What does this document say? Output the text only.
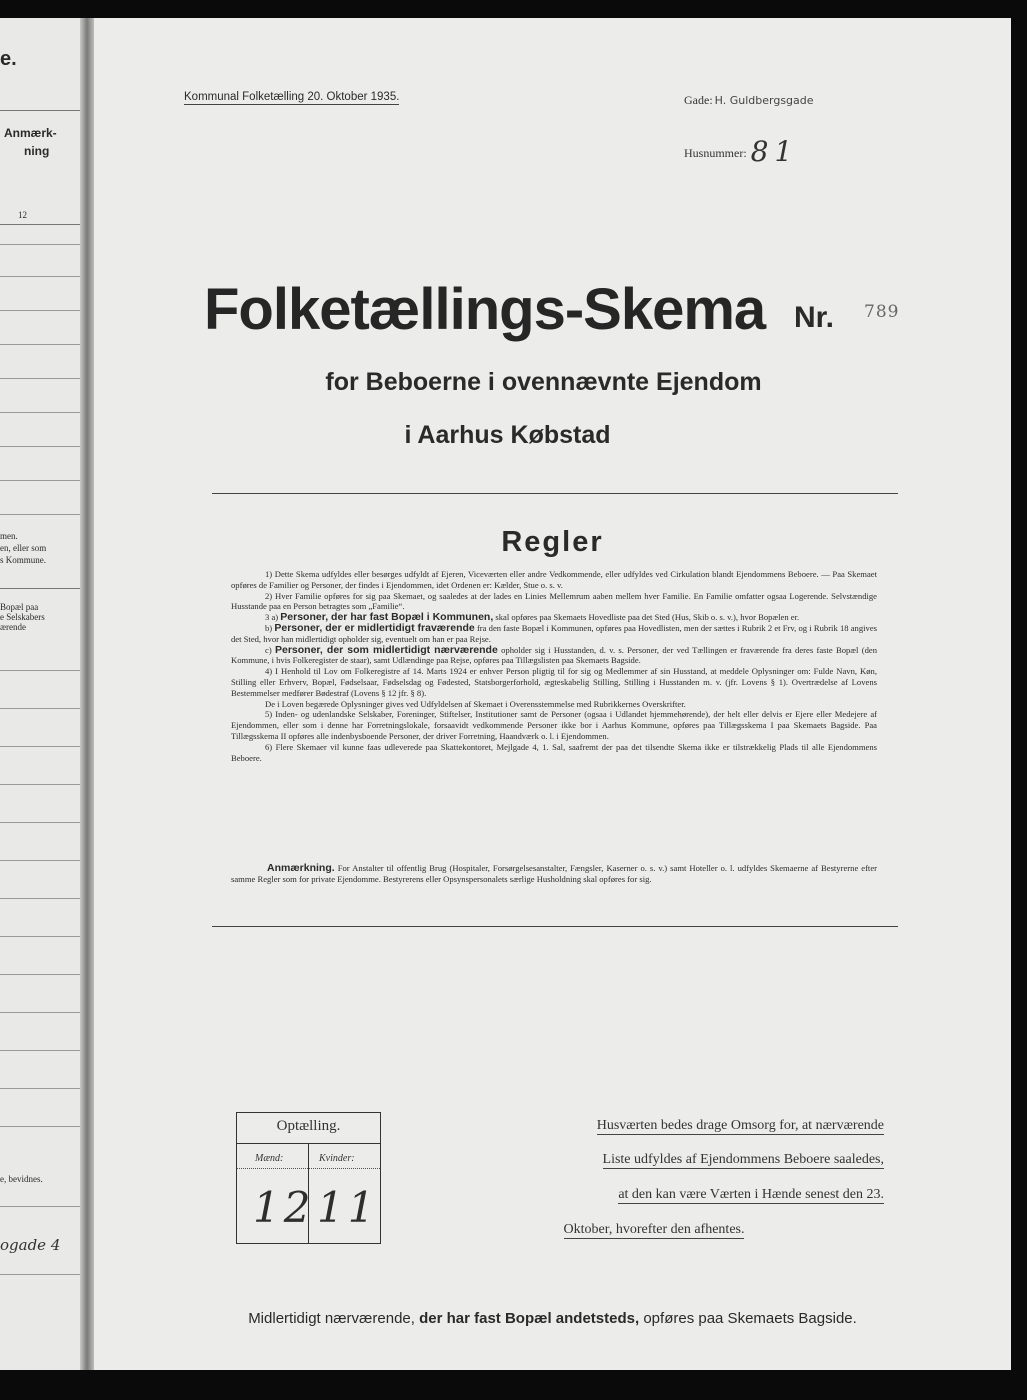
e.
Anmærk-
ning
12
men.
en, eller som
s Kommune.
Bopæl paa
e Selskabers
ærende
e, bevidnes.
ogade 4
Kommunal Folketælling 20. Oktober 1935.	Gade: H. Guldbergsgade
Husnummer: 81
Folketællings-Skema Nr. 789
for Beboerne i ovennævnte Ejendom
i Aarhus Købstad
Regler

1) Dette Skema udfyldes eller besørges udfyldt af Ejeren, Viceværten eller andre Vedkommende, eller udfyldes ved Cirkulation blandt Ejendommens Beboere. — Paa Skemaet opføres de Familier og Personer, der findes i Ejendommen, idet Ordenen er: Kælder, Stue o. s. v.

2) Hver Familie opføres for sig paa Skemaet, og saaledes at der lades en Linies Mellemrum aaben mellem hver Familie. En Familie omfatter ogsaa Logerende. Selvstændige Husstande paa en Person betragtes som „Familie“.

3 a) Personer, der har fast Bopæl i Kommunen, skal opføres paa Skemaets Hovedliste paa det Sted (Hus, Skib o. s. v.), hvor Bopælen er.

b) Personer, der er midlertidigt fraværende fra den faste Bopæl i Kommunen, opføres paa Hovedlisten, men der sættes i Rubrik 2 et Frv, og i Rubrik 18 angives det Sted, hvor han midlertidigt opholder sig, eventuelt om han er paa Rejse.

c) Personer, der som midlertidigt nærværende opholder sig i Husstanden, d. v. s. Personer, der ved Tællingen er fraværende fra deres faste Bopæl (den Kommune, i hvis Folkeregister de staar), samt Udlændinge paa Rejse, opføres paa Tillægslisten paa Skemaets Bagside.

4) I Henhold til Lov om Folkeregistre af 14. Marts 1924 er enhver Person pligtig til for sig og Medlemmer af sin Husstand, at meddele Oplysninger om: Fulde Navn, Køn, Stilling eller Erhverv, Bopæl, Fødselsaar, Fødselsdag og Fødested, Statsborgerforhold, ægteskabelig Stilling, Stilling i Husstanden m. v. (jfr. Lovens § 1). Overtrædelse af Lovens Bestemmelser medfører Bødestraf (Lovens § 12 jfr. § 8).

De i Loven begærede Oplysninger gives ved Udfyldelsen af Skemaet i Overensstemmelse med Rubrikkernes Overskrifter.

5) Inden- og udenlandske Selskaber, Foreninger, Stiftelser, Institutioner samt de Personer (ogsaa i Udlandet hjemmehørende), der helt eller delvis er Ejere eller Medejere af Ejendommen, eller som i denne har Forretningslokale, forsaavidt vedkommende Personer ikke bor i Aarhus Kommune, opføres paa Tillægsskema I paa Skemaets Bagside. Paa Tillægsskema II opføres alle indenbysboende Personer, der driver Forretning, Haandværk o. l. i Ejendommen.

6) Flere Skemaer vil kunne faas udleverede paa Skattekontoret, Mejlgade 4, 1. Sal, saafremt der paa det tilsendte Skema ikke er tilstrækkelig Plads til alle Ejendommens Beboere.

Anmærkning. For Anstalter til offentlig Brug (Hospitaler, Forsørgelsesanstalter, Fængsler, Kaserner o. s. v.) samt Hoteller o. l. udfyldes Skemaerne af Bestyrerne efter samme Regler som for private Ejendomme. Bestyrerens eller Opsynspersonalets særlige Husholdning skal opføres for sig.

Optælling.
Mænd:	Kvinder:
12 11
Husværten bedes drage Omsorg for, at nærværende
Liste udfyldes af Ejendommens Beboere saaledes,
at den kan være Værten i Hænde senest den 23.
Oktober, hvorefter den afhentes.
Midlertidigt nærværende, der har fast Bopæl andetsteds, opføres paa Skemaets Bagside.
